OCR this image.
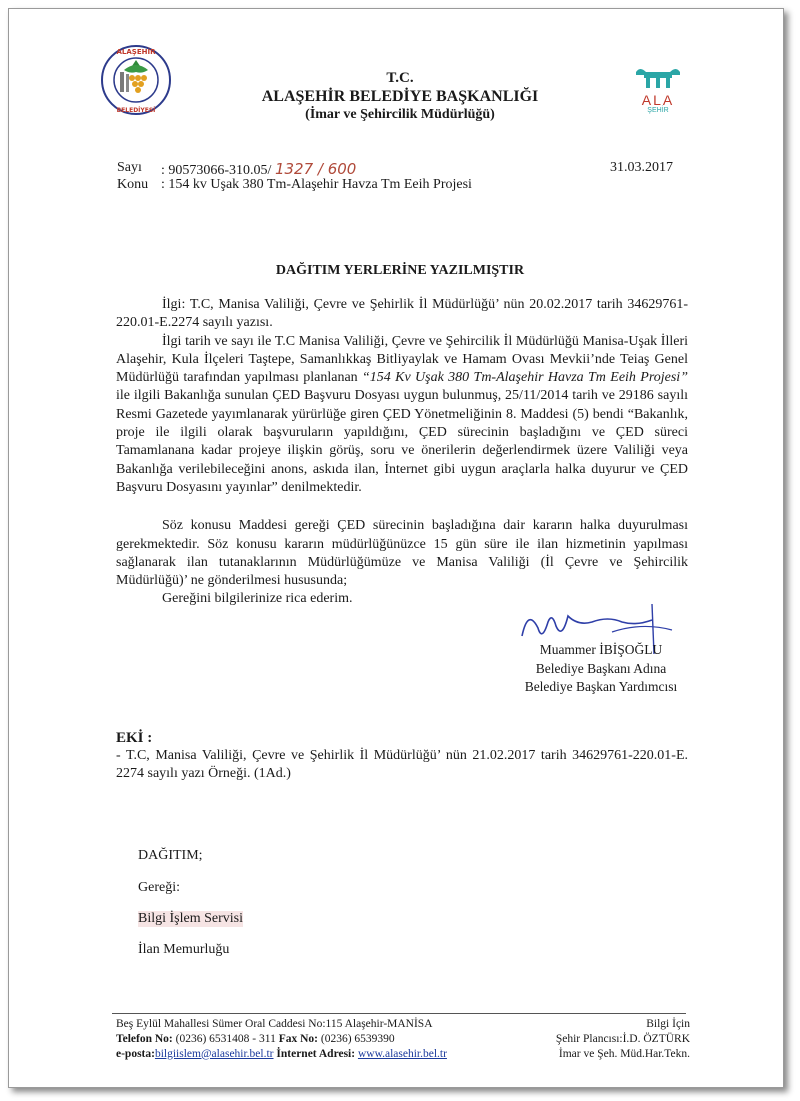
ALAŞEHİR
BELEDİYESİ
ALA
ŞEHİR
T.C.
ALAŞEHİR BELEDİYE BAŞKANLIĞI
(İmar ve Şehircilik Müdürlüğü)
Sayı : 90573066-310.05/ 1327 / 600
Konu : 154 kv Uşak 380 Tm-Alaşehir Havza Tm Eeih Projesi
31.03.2017
DAĞITIM YERLERİNE YAZILMIŞTIR

İlgi: T.C, Manisa Valiliği, Çevre ve Şehirlik İl Müdürlüğü’ nün 20.02.2017 tarih 34629761-220.01-E.2274 sayılı yazısı.

İlgi tarih ve sayı ile T.C Manisa Valiliği, Çevre ve Şehircilik İl Müdürlüğü Manisa-Uşak İlleri Alaşehir, Kula İlçeleri Taştepe, Samanlıkkaş Bitliyaylak ve Hamam Ovası Mevkii’nde Teiaş Genel Müdürlüğü tarafından yapılması planlanan “154 Kv Uşak 380 Tm-Alaşehir Havza Tm Eeih Projesi” ile ilgili Bakanlığa sunulan ÇED Başvuru Dosyası uygun bulunmuş, 25/11/2014 tarih ve 29186 sayılı Resmi Gazetede yayımlanarak yürürlüğe giren ÇED Yönetmeliğinin 8. Maddesi (5) bendi “Bakanlık, proje ile ilgili olarak başvuruların yapıldığını, ÇED sürecinin başladığını ve ÇED süreci Tamamlanana kadar projeye ilişkin görüş, soru ve önerilerin değerlendirmek üzere Valiliği veya Bakanlığa verilebileceğini anons, askıda ilan, İnternet gibi uygun araçlarla halka duyurur ve ÇED Başvuru Dosyasını yayınlar” denilmektedir.

Söz konusu Maddesi gereği ÇED sürecinin başladığına dair kararın halka duyurulması gerekmektedir. Söz konusu kararın müdürlüğünüzce 15 gün süre ile ilan hizmetinin yapılması sağlanarak ilan tutanaklarının Müdürlüğümüze ve Manisa Valiliği (İl Çevre ve Şehircilik Müdürlüğü)’ ne gönderilmesi hususunda;

Gereğini bilgilerinize rica ederim.

Muammer İBİŞOĞLU
Belediye Başkanı Adına
Belediye Başkan Yardımcısı
EKİ :
- T.C, Manisa Valiliği, Çevre ve Şehirlik İl Müdürlüğü’ nün 21.02.2017 tarih 34629761-220.01-E. 2274 sayılı yazı Örneği. (1Ad.)
DAĞITIM;
Gereği:
Bilgi İşlem Servisi
İlan Memurluğu
Beş Eylül Mahallesi Sümer Oral Caddesi No:115 Alaşehir-MANİSA
Telefon No: (0236) 6531408 - 311 Fax No: (0236) 6539390
e-posta:bilgiislem@alasehir.bel.tr İnternet Adresi: www.alasehir.bel.tr
Bilgi İçin
Şehir Plancısı:İ.D. ÖZTÜRK
İmar ve Şeh. Müd.Har.Tekn.
